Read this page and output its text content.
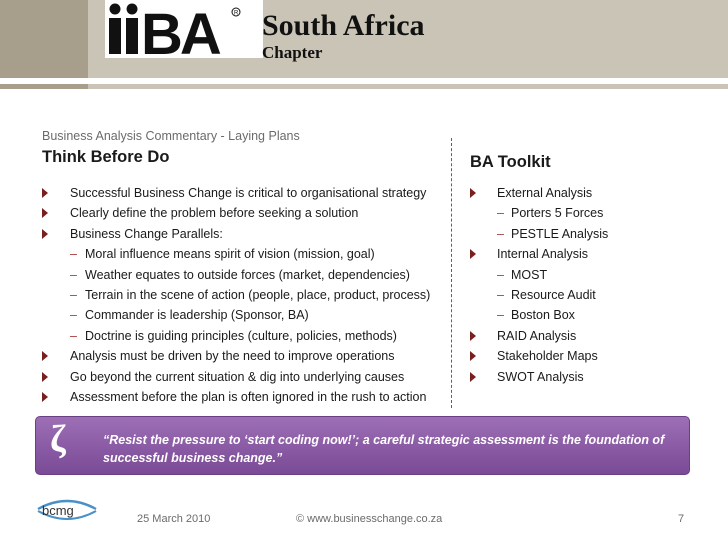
BA	R South Africa
Chapter
Business Analysis Commentary - Laying Plans
Think Before Do	BA Toolkit
Successful Business Change is critical to organisational strategy
Clearly define the problem before seeking a solution
Business Change Parallels:
– Moral influence means spirit of vision (mission, goal)
– Weather equates to outside forces (market, dependencies)
– Terrain in the scene of action (people, place, product, process)
– Commander is leadership (Sponsor, BA)
– Doctrine is guiding principles (culture, policies, methods)
Analysis must be driven by the need to improve operations
Go beyond the current situation & dig into underlying causes
Assessment before the plan is often ignored in the rush to action
External Analysis
– Porters 5 Forces
– PESTLE Analysis
Internal Analysis
– MOST
– Resource Audit
– Boston Box
RAID Analysis
Stakeholder Maps
SWOT Analysis
ζ	“Resist the pressure to ‘start coding now!’; a careful strategic assessment is the foundation of successful business change.”
bcmg
25 March 2010	© www.businesschange.co.za	7
